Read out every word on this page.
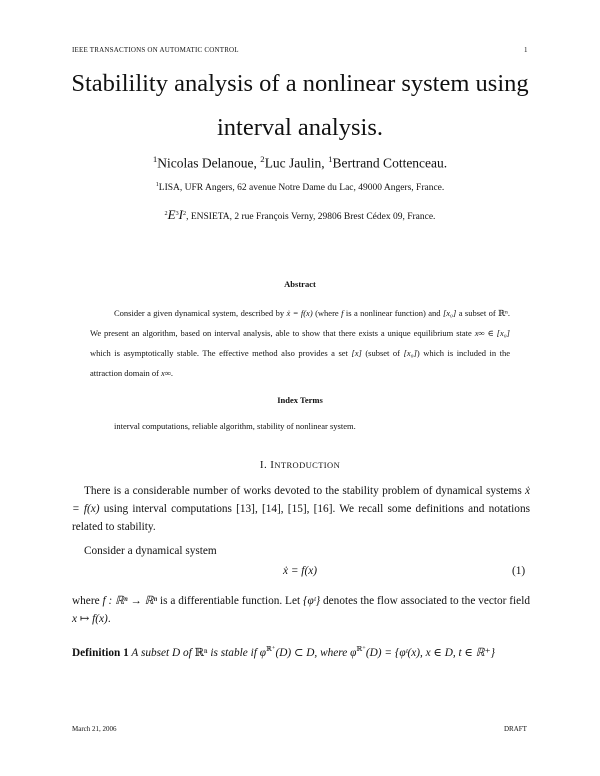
IEEE TRANSACTIONS ON AUTOMATIC CONTROL	1
Stabilility analysis of a nonlinear system using
interval analysis.
$^1$Nicolas Delanoue, $^2$Luc Jaulin, $^1$Bertrand Cottenceau.
$^1$LISA, UFR Angers, 62 avenue Notre Dame du Lac, 49000 Angers, France.
$^2E^3I^2$, ENSIETA, 2 rue François Verny, 29806 Brest Cédex 09, France.
Abstract

Consider a given dynamical system, described by ẋ = f(x) (where f is a nonlinear function) and [x₀] a subset of ℝⁿ. We present an algorithm, based on interval analysis, able to show that there exists a unique equilibrium state x∞ ∈ [x₀] which is asymptotically stable. The effective method also provides a set [x] (subset of [x₀]) which is included in the attraction domain of x∞.

Index Terms
interval computations, reliable algorithm, stability of nonlinear system.
I. INTRODUCTION

There is a considerable number of works devoted to the stability problem of dynamical systems ẋ = f(x) using interval computations [13], [14], [15], [16]. We recall some definitions and notations related to stability.

Consider a dynamical system

ẋ = f(x)	(1)

where f : ℝⁿ → ℝⁿ is a differentiable function. Let {φᵗ} denotes the flow associated to the vector field x ↦ f(x).

Definition 1 A subset D of ℝⁿ is stable if $\varphi^{ℝ^+}(D)$ ⊂ D, where $\varphi^{ℝ^+}(D)$ = {φᵗ(x), x ∈ D, t ∈ ℝ⁺}

March 21, 2006	DRAFT
